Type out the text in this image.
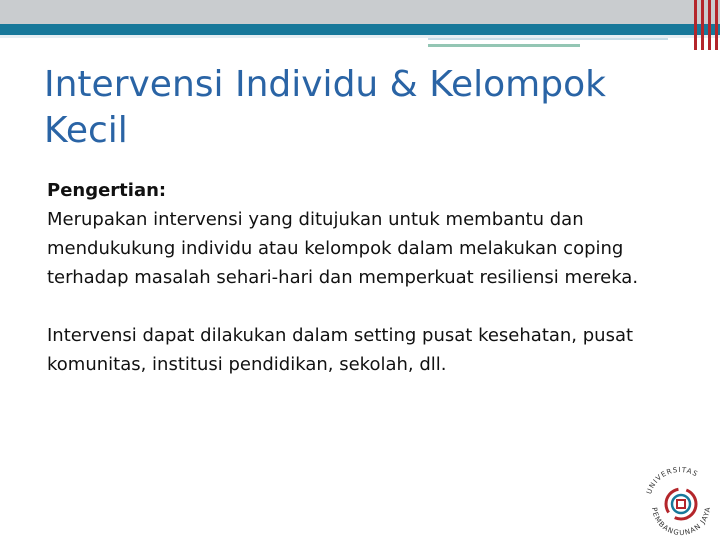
Intervensi Individu & Kelompok Kecil
Pengertian:
Merupakan intervensi yang ditujukan untuk membantu dan mendukukung individu atau kelompok dalam melakukan coping terhadap masalah sehari-hari dan memperkuat resiliensi mereka.
Intervensi dapat dilakukan dalam setting pusat kesehatan, pusat komunitas, institusi pendidikan, sekolah, dll.
UNIVERSITAS
PEMBANGUNAN JAYA
